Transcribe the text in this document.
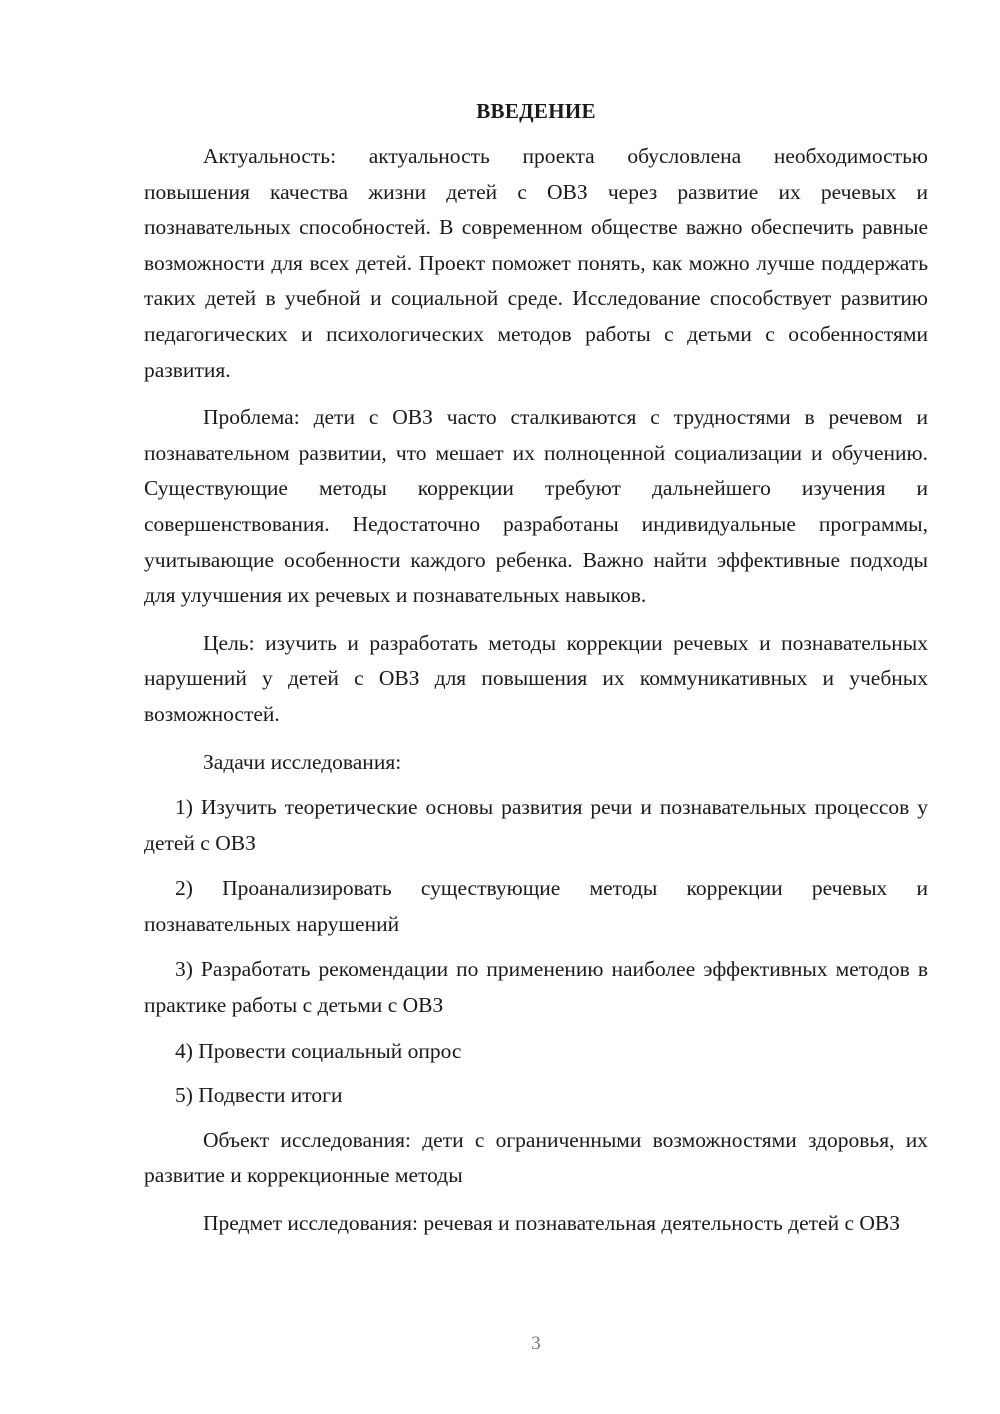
ВВЕДЕНИЕ

Актуальность: актуальность проекта обусловлена необходимостью повышения качества жизни детей с ОВЗ через развитие их речевых и познавательных способностей. В современном обществе важно обеспечить равные возможности для всех детей. Проект поможет понять, как можно лучше поддержать таких детей в учебной и социальной среде. Исследование способствует развитию педагогических и психологических методов работы с детьми с особенностями развития.

Проблема: дети с ОВЗ часто сталкиваются с трудностями в речевом и познавательном развитии, что мешает их полноценной социализации и обучению. Существующие методы коррекции требуют дальнейшего изучения и совершенствования. Недостаточно разработаны индивидуальные программы, учитывающие особенности каждого ребенка. Важно найти эффективные подходы для улучшения их речевых и познавательных навыков.

Цель: изучить и разработать методы коррекции речевых и познавательных нарушений у детей с ОВЗ для повышения их коммуникативных и учебных возможностей.

Задачи исследования:

1) Изучить теоретические основы развития речи и познавательных процессов у детей с ОВЗ

2) Проанализировать существующие методы коррекции речевых и познавательных нарушений

3) Разработать рекомендации по применению наиболее эффективных методов в практике работы с детьми с ОВЗ

4) Провести социальный опрос

5) Подвести итоги

Объект исследования: дети с ограниченными возможностями здоровья, их развитие и коррекционные методы

Предмет исследования: речевая и познавательная деятельность детей с ОВЗ

3
